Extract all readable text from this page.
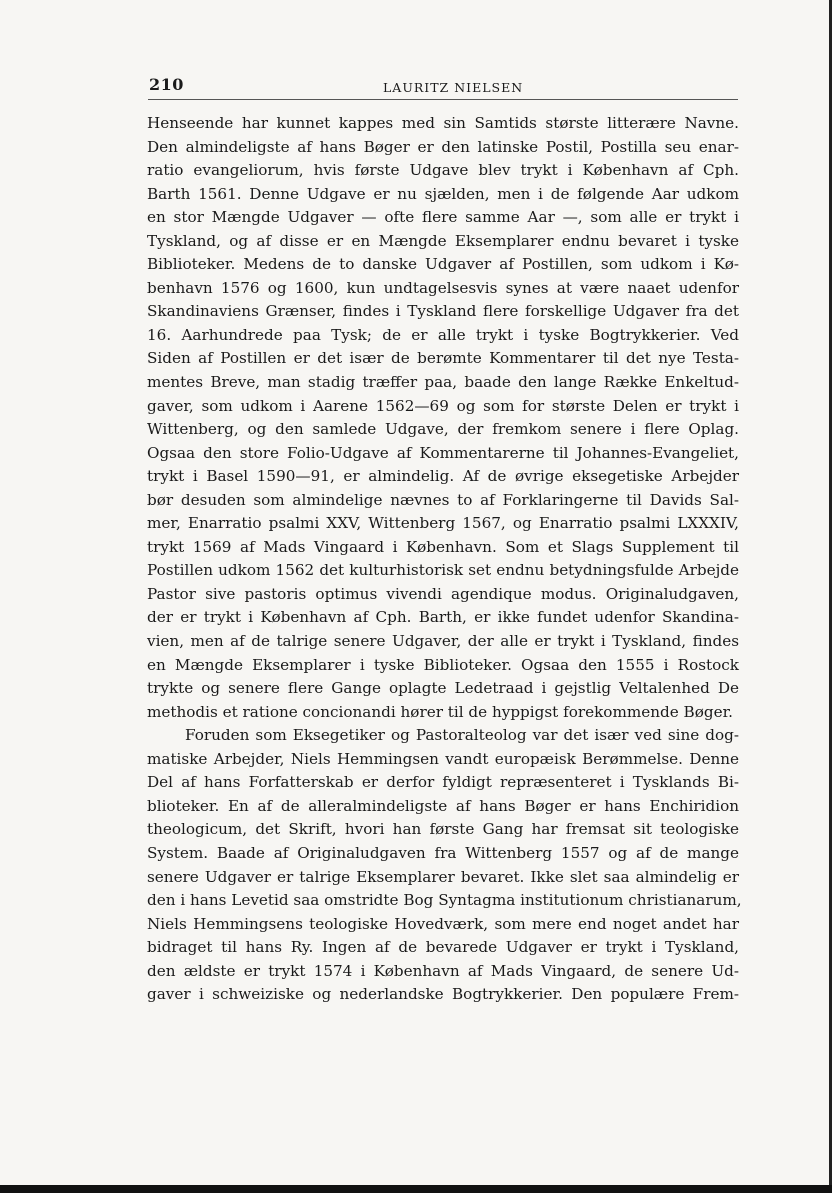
210	LAURITZ NIELSEN
Henseende har kunnet kappes med sin Samtids største litterære Navne.
Den almindeligste af hans Bøger er den latinske Postil, Postilla seu enar-
ratio evangeliorum, hvis første Udgave blev trykt i København af Cph.
Barth 1561. Denne Udgave er nu sjælden, men i de følgende Aar udkom
en stor Mængde Udgaver — ofte flere samme Aar —, som alle er trykt i
Tyskland, og af disse er en Mængde Eksemplarer endnu bevaret i tyske
Biblioteker. Medens de to danske Udgaver af Postillen, som udkom i Kø-
benhavn 1576 og 1600, kun undtagelsesvis synes at være naaet udenfor
Skandinaviens Grænser, findes i Tyskland flere forskellige Udgaver fra det
16. Aarhundrede paa Tysk; de er alle trykt i tyske Bogtrykkerier. Ved
Siden af Postillen er det især de berømte Kommentarer til det nye Testa-
mentes Breve, man stadig træffer paa, baade den lange Række Enkeltud-
gaver, som udkom i Aarene 1562—69 og som for største Delen er trykt i
Wittenberg, og den samlede Udgave, der fremkom senere i flere Oplag.
Ogsaa den store Folio-Udgave af Kommentarerne til Johannes-Evangeliet,
trykt i Basel 1590—91, er almindelig. Af de øvrige eksegetiske Arbejder
bør desuden som almindelige nævnes to af Forklaringerne til Davids Sal-
mer, Enarratio psalmi XXV, Wittenberg 1567, og Enarratio psalmi LXXXIV,
trykt 1569 af Mads Vingaard i København. Som et Slags Supplement til
Postillen udkom 1562 det kulturhistorisk set endnu betydningsfulde Arbejde
Pastor sive pastoris optimus vivendi agendique modus. Originaludgaven,
der er trykt i København af Cph. Barth, er ikke fundet udenfor Skandina-
vien, men af de talrige senere Udgaver, der alle er trykt i Tyskland, findes
en Mængde Eksemplarer i tyske Biblioteker. Ogsaa den 1555 i Rostock
trykte og senere flere Gange oplagte Ledetraad i gejstlig Veltalenhed De
methodis et ratione concionandi hører til de hyppigst forekommende Bøger.
Foruden som Eksegetiker og Pastoralteolog var det især ved sine dog-
matiske Arbejder, Niels Hemmingsen vandt europæisk Berømmelse. Denne
Del af hans Forfatterskab er derfor fyldigt repræsenteret i Tysklands Bi-
blioteker. En af de alleralmindeligste af hans Bøger er hans Enchiridion
theologicum, det Skrift, hvori han første Gang har fremsat sit teologiske
System. Baade af Originaludgaven fra Wittenberg 1557 og af de mange
senere Udgaver er talrige Eksemplarer bevaret. Ikke slet saa almindelig er
den i hans Levetid saa omstridte Bog Syntagma institutionum christianarum,
Niels Hemmingsens teologiske Hovedværk, som mere end noget andet har
bidraget til hans Ry. Ingen af de bevarede Udgaver er trykt i Tyskland,
den ældste er trykt 1574 i København af Mads Vingaard, de senere Ud-
gaver i schweiziske og nederlandske Bogtrykkerier. Den populære Frem-
